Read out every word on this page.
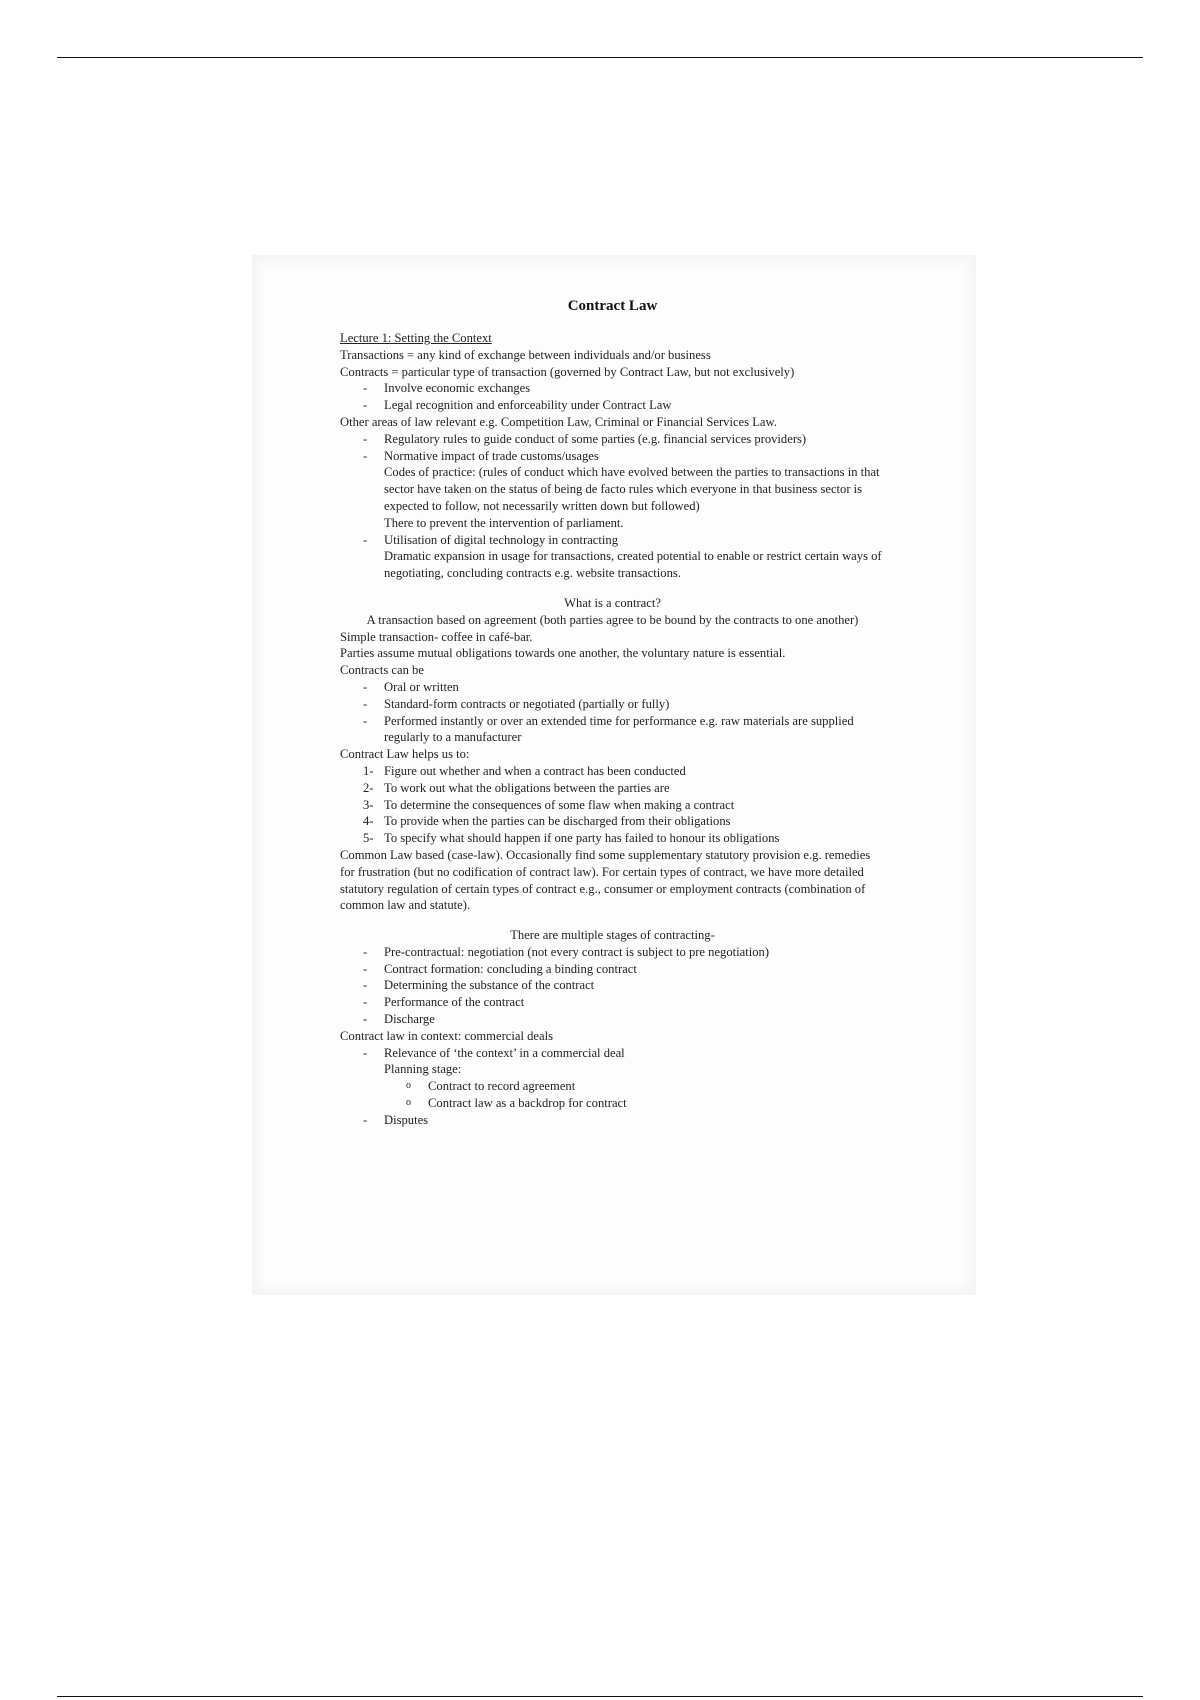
Contract Law

Lecture 1: Setting the Context

Transactions = any kind of exchange between individuals and/or business

Contracts = particular type of transaction (governed by Contract Law, but not exclusively)

- Involve economic exchanges
- Legal recognition and enforceability under Contract Law

Other areas of law relevant e.g. Competition Law, Criminal or Financial Services Law.

- Regulatory rules to guide conduct of some parties (e.g. financial services providers)
- Normative impact of trade customs/usages

Codes of practice: (rules of conduct which have evolved between the parties to transactions in that sector have taken on the status of being de facto rules which everyone in that business sector is expected to follow, not necessarily written down but followed)

There to prevent the intervention of parliament.

- Utilisation of digital technology in contracting

Dramatic expansion in usage for transactions, created potential to enable or restrict certain ways of negotiating, concluding contracts e.g. website transactions.

What is a contract?

A transaction based on agreement (both parties agree to be bound by the contracts to one another)

Simple transaction- coffee in café-bar.

Parties assume mutual obligations towards one another, the voluntary nature is essential.

Contracts can be

- Oral or written
- Standard-form contracts or negotiated (partially or fully)
- Performed instantly or over an extended time for performance e.g. raw materials are supplied regularly to a manufacturer

Contract Law helps us to:

1- Figure out whether and when a contract has been conducted
2- To work out what the obligations between the parties are
3- To determine the consequences of some flaw when making a contract
4- To provide when the parties can be discharged from their obligations
5- To specify what should happen if one party has failed to honour its obligations

Common Law based (case-law). Occasionally find some supplementary statutory provision e.g. remedies for frustration (but no codification of contract law). For certain types of contract, we have more detailed statutory regulation of certain types of contract e.g., consumer or employment contracts (combination of common law and statute).

There are multiple stages of contracting-

- Pre-contractual: negotiation (not every contract is subject to pre negotiation)
- Contract formation: concluding a binding contract
- Determining the substance of the contract
- Performance of the contract
- Discharge

Contract law in context: commercial deals

- Relevance of ‘the context’ in a commercial deal

Planning stage:

o Contract to record agreement
o Contract law as a backdrop for contract
- Disputes
